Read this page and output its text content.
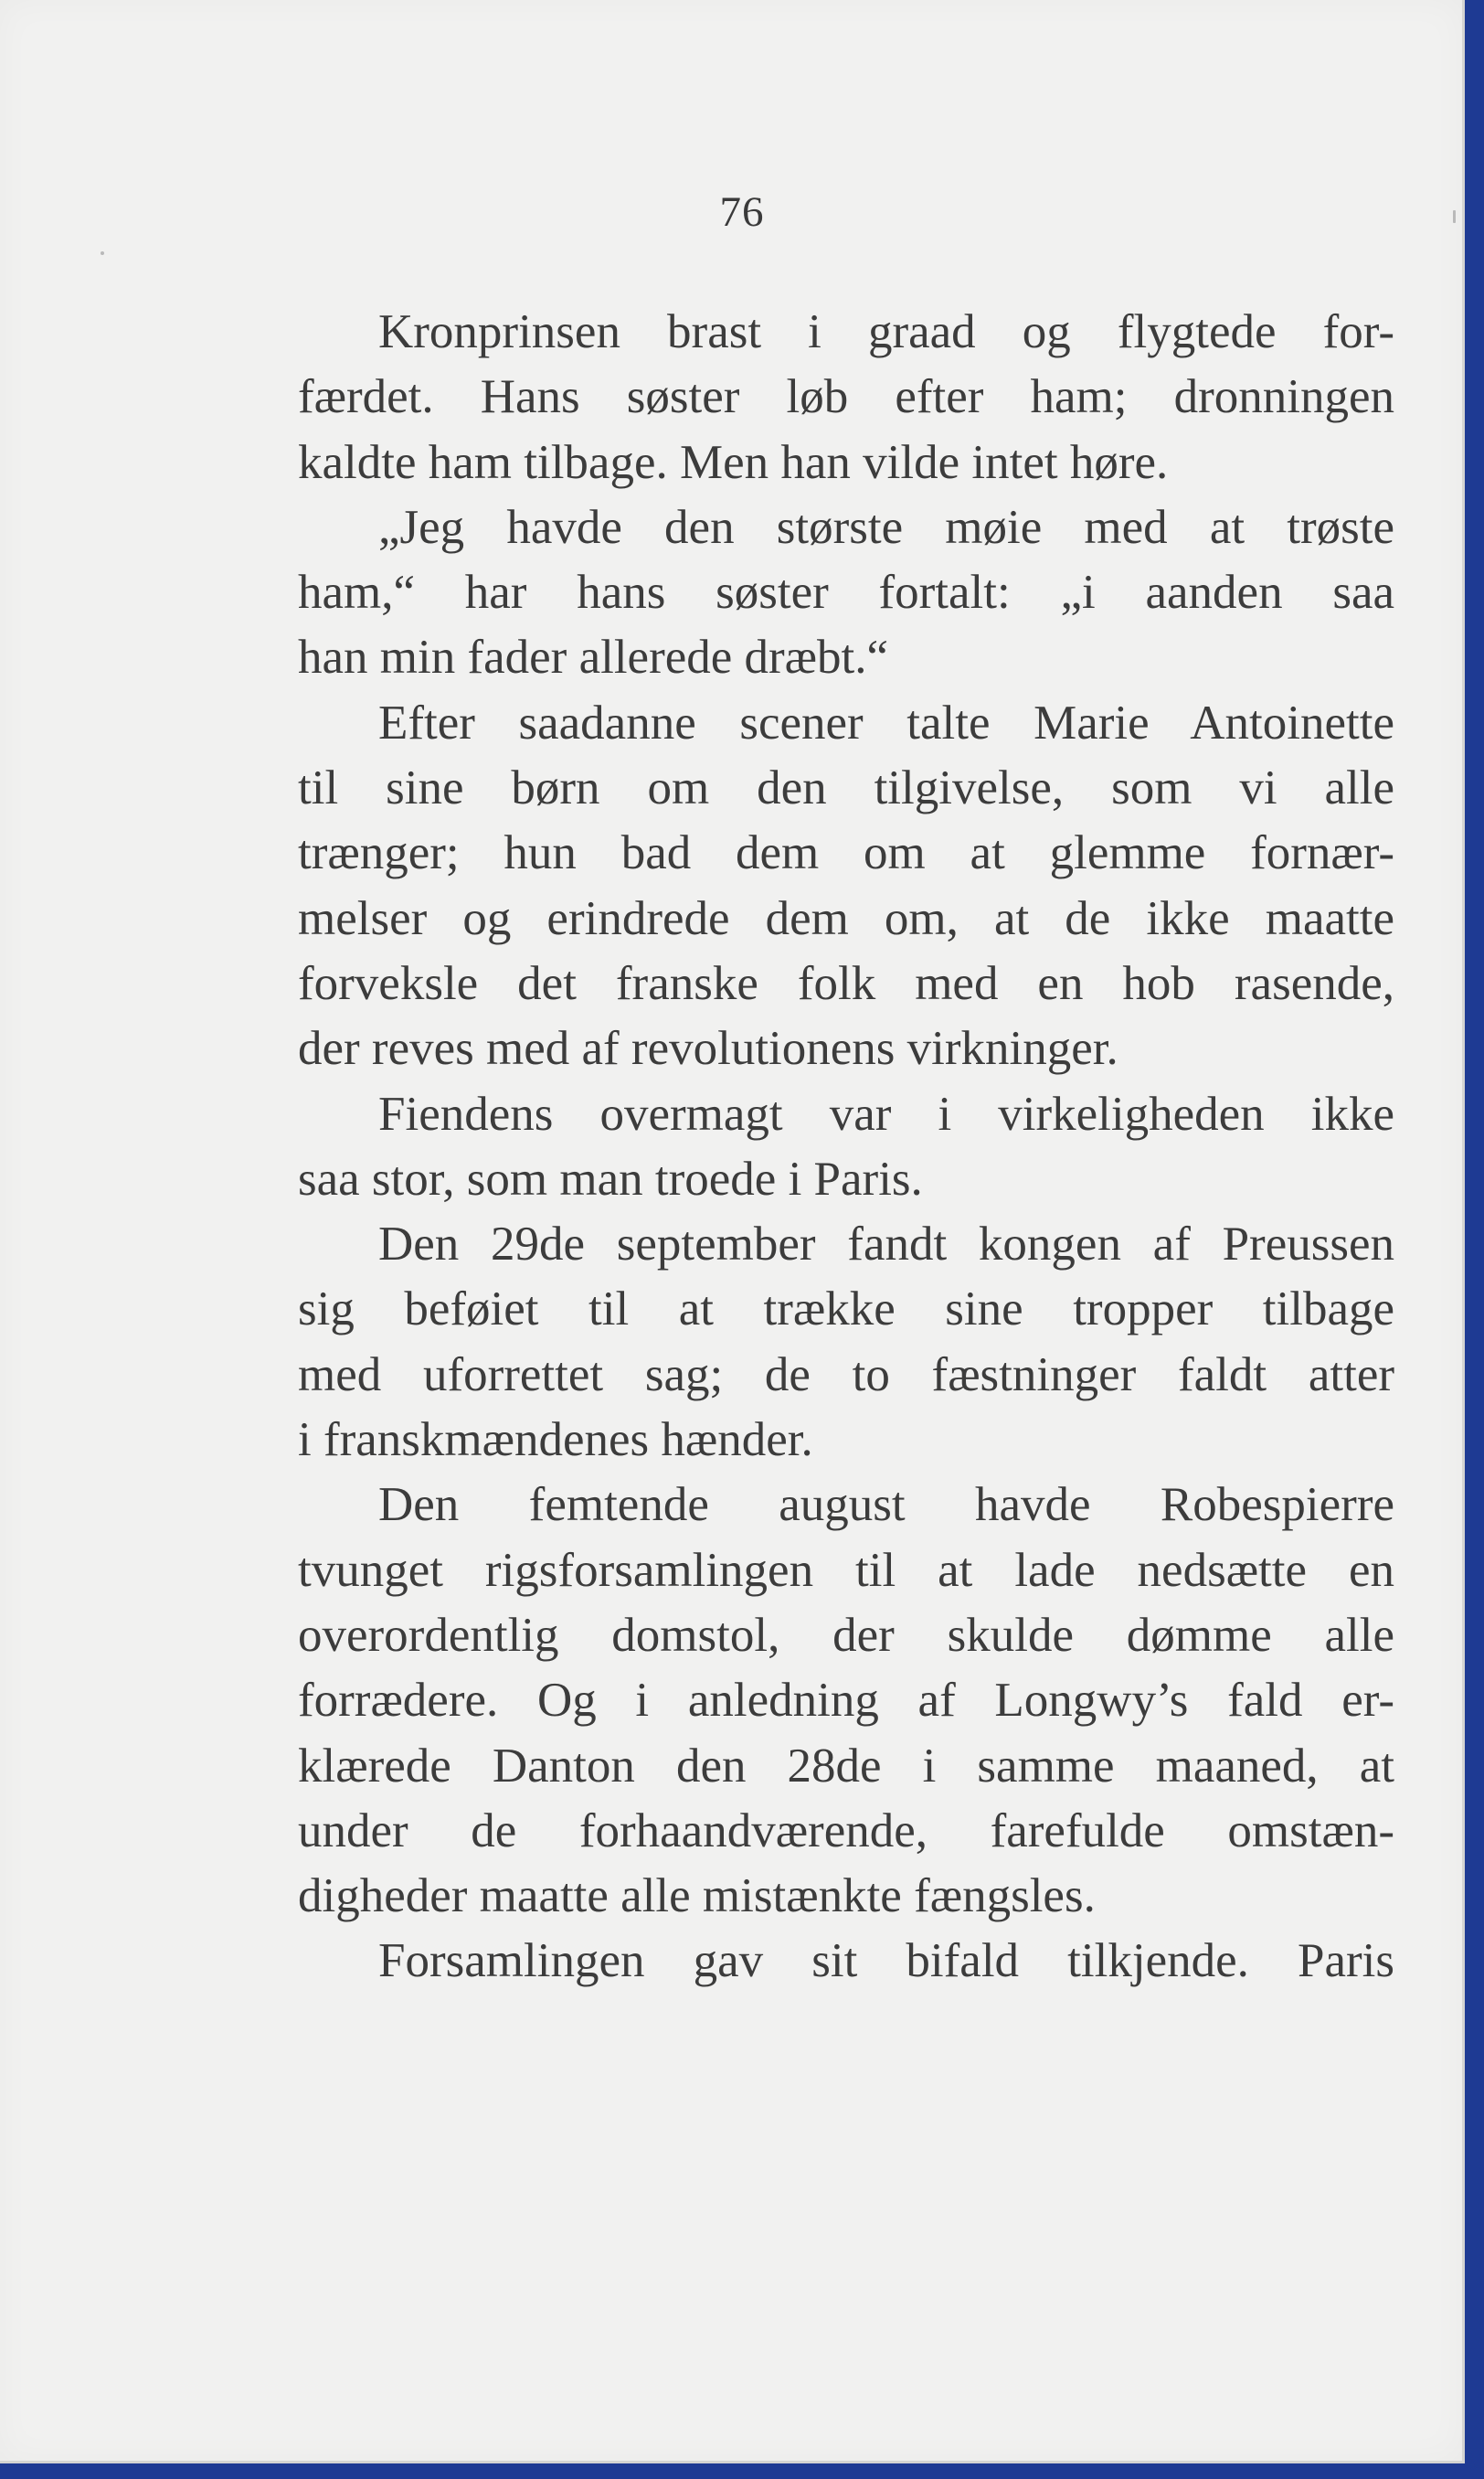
76
Kronprinsen brast i graad og flygtede for-
færdet. Hans søster løb efter ham; dronningen
kaldte ham tilbage. Men han vilde intet høre.
„Jeg havde den største møie med at trøste
ham,“ har hans søster fortalt: „i aanden saa
han min fader allerede dræbt.“
Efter saadanne scener talte Marie Antoinette
til sine børn om den tilgivelse, som vi alle
trænger; hun bad dem om at glemme fornær-
melser og erindrede dem om, at de ikke maatte
forveksle det franske folk med en hob rasende,
der reves med af revolutionens virkninger.
Fiendens overmagt var i virkeligheden ikke
saa stor, som man troede i Paris.
Den 29de september fandt kongen af Preussen
sig beføiet til at trække sine tropper tilbage
med uforrettet sag; de to fæstninger faldt atter
i franskmændenes hænder.
Den femtende august havde Robespierre
tvunget rigsforsamlingen til at lade nedsætte en
overordentlig domstol, der skulde dømme alle
forrædere. Og i anledning af Longwy’s fald er-
klærede Danton den 28de i samme maaned, at
under de forhaandværende, farefulde omstæn-
digheder maatte alle mistænkte fængsles.
Forsamlingen gav sit bifald tilkjende. Paris
